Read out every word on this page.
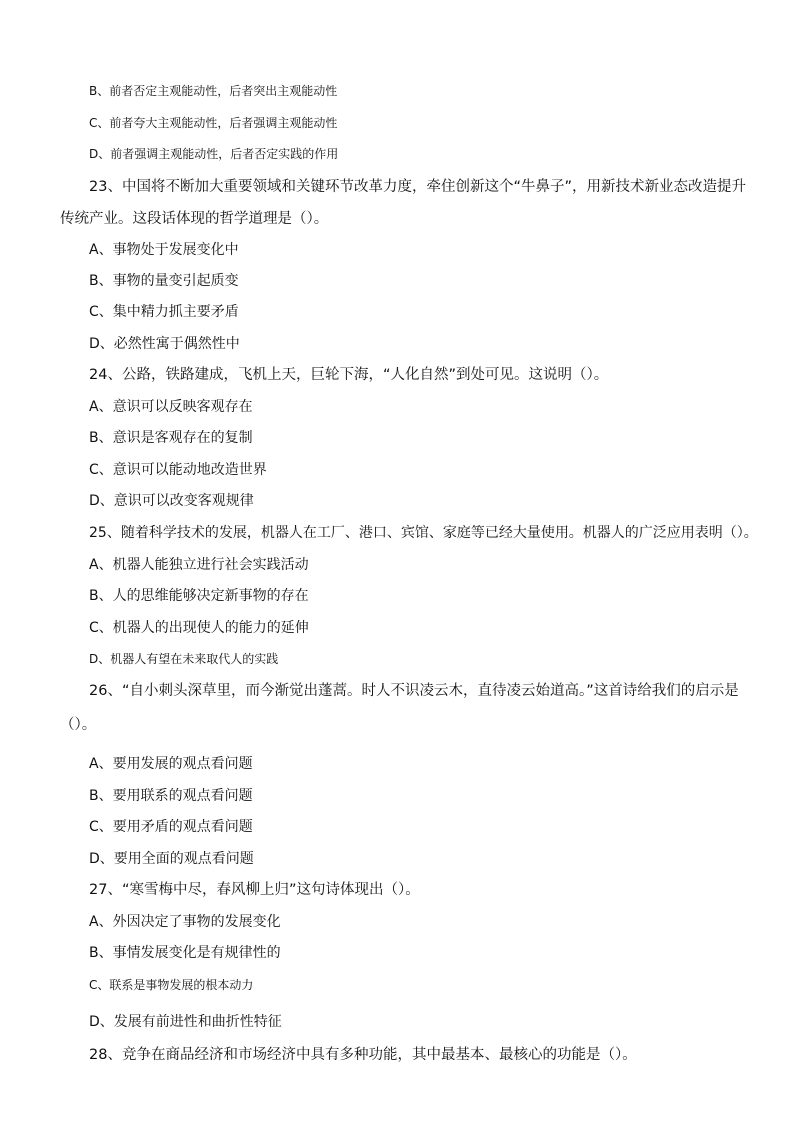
B、前者否定主观能动性，后者突出主观能动性
C、前者夸大主观能动性，后者强调主观能动性
D、前者强调主观能动性，后者否定实践的作用
23、中国将不断加大重要领域和关键环节改革力度，牵住创新这个“牛鼻子”，用新技术新业态改造提升
传统产业。这段话体现的哲学道理是（）。
A、事物处于发展变化中
B、事物的量变引起质变
C、集中精力抓主要矛盾
D、必然性寓于偶然性中
24、公路，铁路建成，飞机上天，巨轮下海，“人化自然”到处可见。这说明（）。
A、意识可以反映客观存在
B、意识是客观存在的复制
C、意识可以能动地改造世界
D、意识可以改变客观规律
25、随着科学技术的发展，机器人在工厂、港口、宾馆、家庭等已经大量使用。机器人的广泛应用表明（）。
A、机器人能独立进行社会实践活动
B、人的思维能够决定新事物的存在
C、机器人的出现使人的能力的延伸
D、机器人有望在未来取代人的实践
26、“自小刺头深草里，而今渐觉出蓬蒿。时人不识凌云木，直待凌云始道高。”这首诗给我们的启示是
（）。
A、要用发展的观点看问题
B、要用联系的观点看问题
C、要用矛盾的观点看问题
D、要用全面的观点看问题
27、“寒雪梅中尽，春风柳上归”这句诗体现出（）。
A、外因决定了事物的发展变化
B、事情发展变化是有规律性的
C、联系是事物发展的根本动力
D、发展有前进性和曲折性特征
28、竞争在商品经济和市场经济中具有多种功能，其中最基本、最核心的功能是（）。
